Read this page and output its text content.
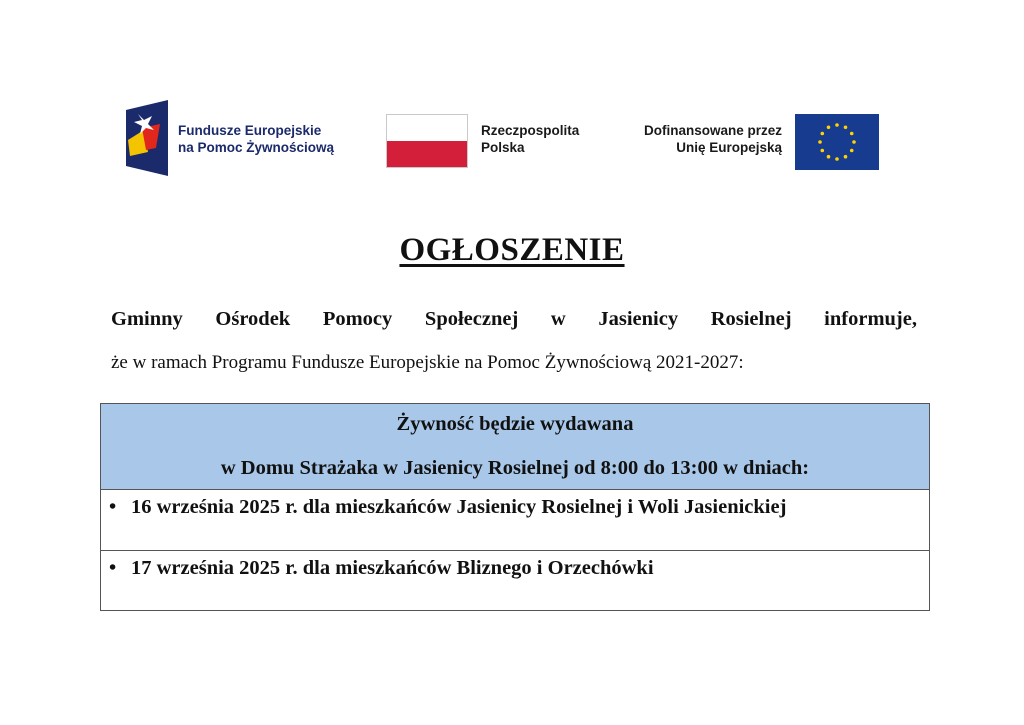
Fundusze Europejskie
na Pomoc Żywnościową
Rzeczpospolita
Polska
Dofinansowane przez
Unię Europejską
OGŁOSZENIE

Gminny Ośrodek Pomocy Społecznej w Jasienicy Rosielnej informuje,

że w ramach Programu Fundusze Europejskie na Pomoc Żywnościową 2021-2027:

Żywność będzie wydawana
w Domu Strażaka w Jasienicy Rosielnej od 8:00 do 13:00 w dniach:
• 16 września 2025 r. dla mieszkańców Jasienicy Rosielnej i Woli Jasienickiej
• 17 września 2025 r. dla mieszkańców Bliznego i Orzechówki
